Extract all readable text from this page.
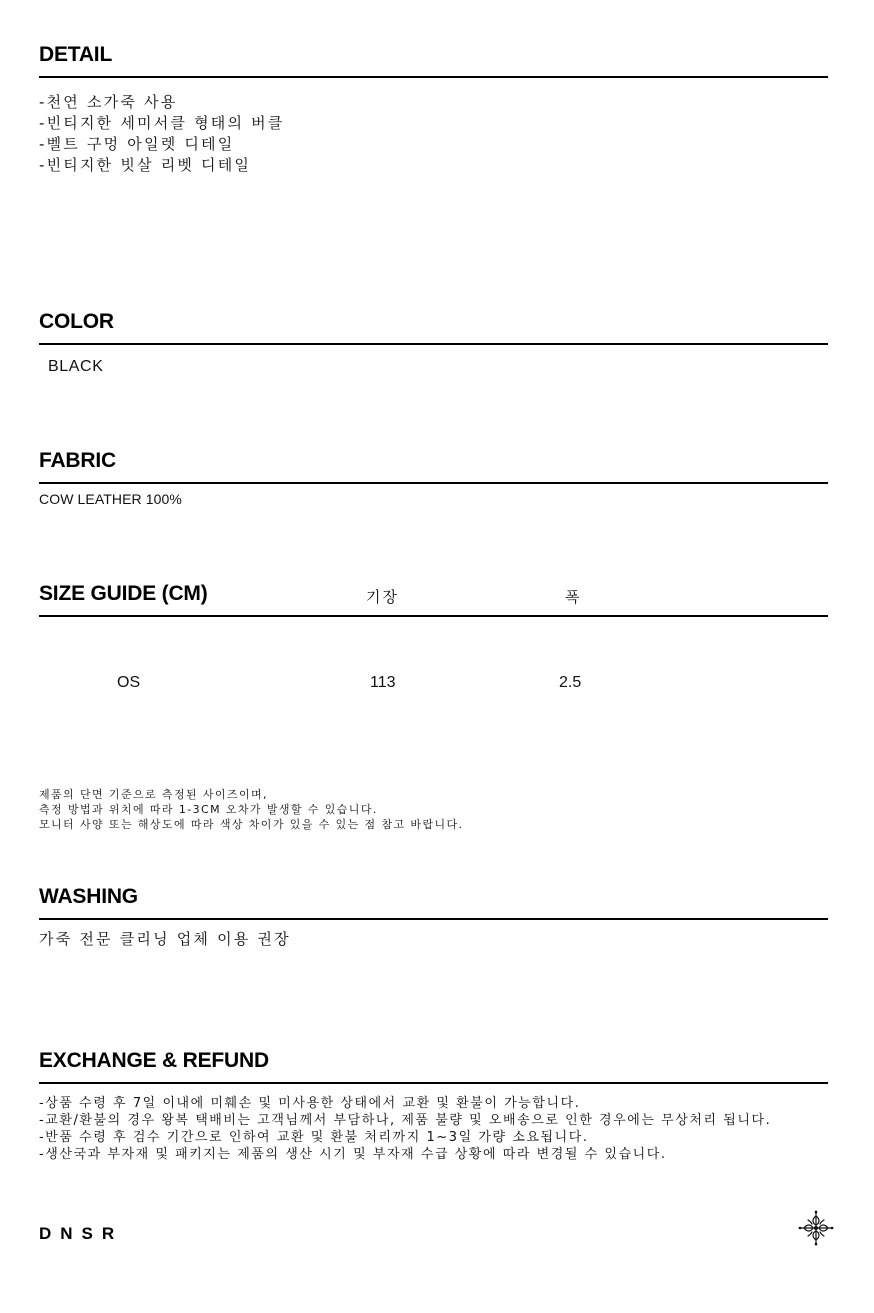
DETAIL
-천연 소가죽 사용
-빈티지한 세미서클 형태의 버클
-벨트 구멍 아일렛 디테일
-빈티지한 빗살 리벳 디테일
COLOR
BLACK
FABRIC
COW LEATHER 100%
SIZE GUIDE (CM)	기장	폭
OS	113	2.5
제품의 단면 기준으로 측정된 사이즈이며,
측정 방법과 위치에 따라 1-3CM 오차가 발생할 수 있습니다.
모니터 사양 또는 해상도에 따라 색상 차이가 있을 수 있는 점 참고 바랍니다.
WASHING
가죽 전문 클리닝 업체 이용 권장
EXCHANGE & REFUND
-상품 수령 후 7일 이내에 미훼손 및 미사용한 상태에서 교환 및 환불이 가능합니다.
-교환/환불의 경우 왕복 택배비는 고객님께서 부담하나, 제품 불량 및 오배송으로 인한 경우에는 무상처리 됩니다.
-반품 수령 후 검수 기간으로 인하여 교환 및 환불 처리까지 1~3일 가량 소요됩니다.
-생산국과 부자재 및 패키지는 제품의 생산 시기 및 부자재 수급 상황에 따라 변경될 수 있습니다.
DNSR
